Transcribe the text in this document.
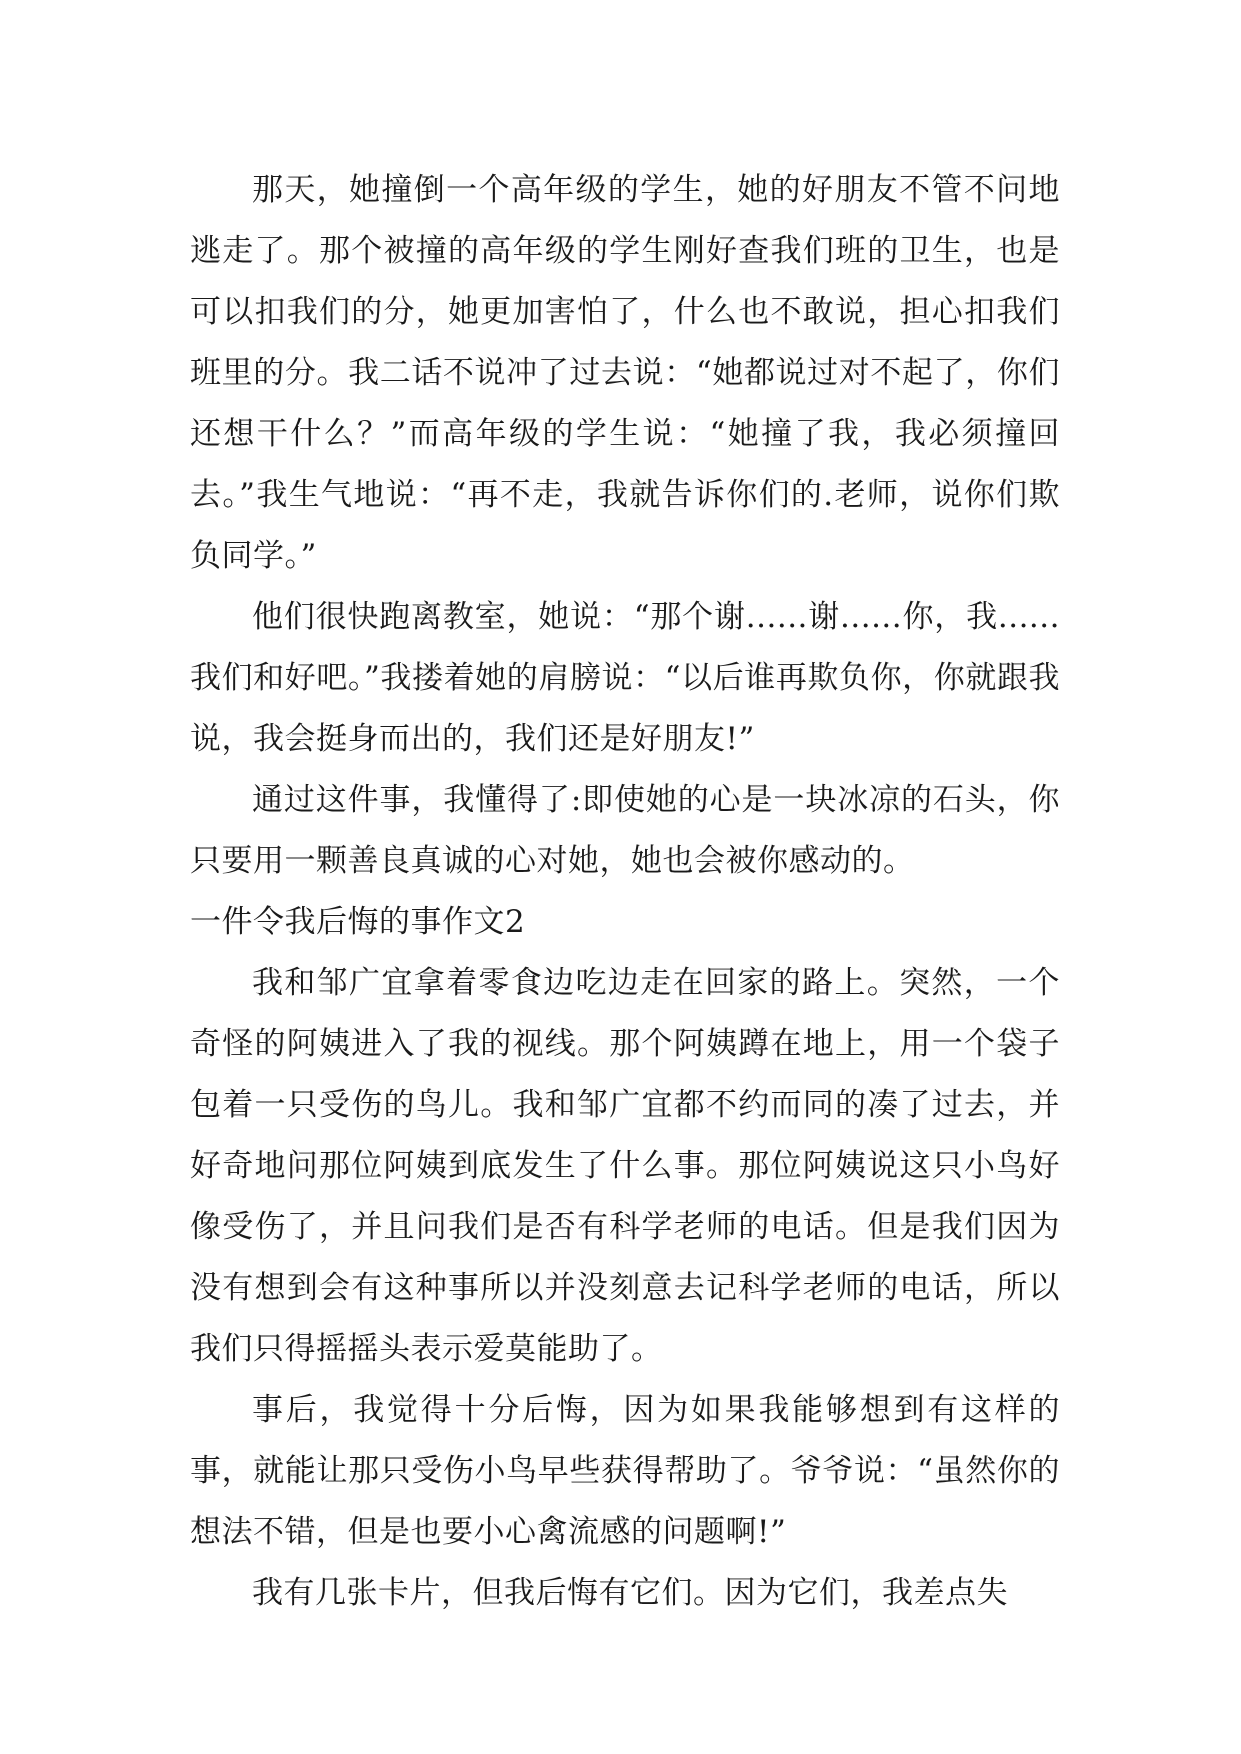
那天，她撞倒一个高年级的学生，她的好朋友不管不问地逃走了。那个被撞的高年级的学生刚好查我们班的卫生，也是可以扣我们的分，她更加害怕了，什么也不敢说，担心扣我们班里的分。我二话不说冲了过去说：“她都说过对不起了，你们还想干什么？”而高年级的学生说：“她撞了我，我必须撞回去。”我生气地说：“再不走，我就告诉你们的.老师，说你们欺负同学。”

他们很快跑离教室，她说：“那个谢......谢......你，我......我们和好吧。”我搂着她的肩膀说：“以后谁再欺负你，你就跟我说，我会挺身而出的，我们还是好朋友!”

通过这件事，我懂得了:即使她的心是一块冰凉的石头，你只要用一颗善良真诚的心对她，她也会被你感动的。

一件令我后悔的事作文2

我和邹广宜拿着零食边吃边走在回家的路上。突然，一个奇怪的阿姨进入了我的视线。那个阿姨蹲在地上，用一个袋子包着一只受伤的鸟儿。我和邹广宜都不约而同的凑了过去，并好奇地问那位阿姨到底发生了什么事。那位阿姨说这只小鸟好像受伤了，并且问我们是否有科学老师的电话。但是我们因为没有想到会有这种事所以并没刻意去记科学老师的电话，所以我们只得摇摇头表示爱莫能助了。

事后，我觉得十分后悔，因为如果我能够想到有这样的事，就能让那只受伤小鸟早些获得帮助了。爷爷说：“虽然你的想法不错，但是也要小心禽流感的问题啊!”

我有几张卡片，但我后悔有它们。因为它们，我差点失
